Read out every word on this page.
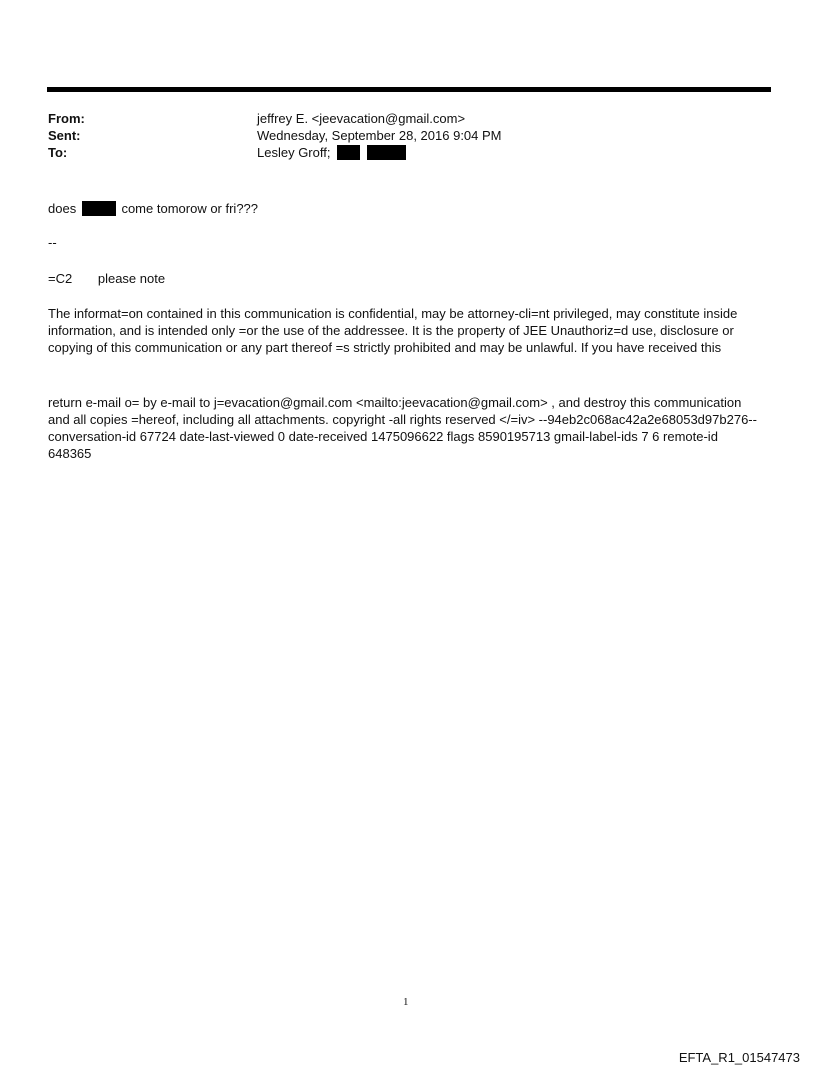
From:	jeffrey E. <jeevacation@gmail.com>
Sent:	Wednesday, September 28, 2016 9:04 PM
To:	Lesley Groff;
does	come tomorow or fri???
--
=C2 please note
The informat=on contained in this communication is confidential, may be attorney-cli=nt privileged, may constitute inside information, and is intended only =or the use of the addressee. It is the property of JEE Unauthoriz=d use, disclosure or copying of this communication or any part thereof =s strictly prohibited and may be unlawful. If you have received this
return e-mail o= by e-mail to j=evacation@gmail.com <mailto:jeevacation@gmail.com> , and destroy this communication and all copies =hereof, including all attachments. copyright -all rights reserved </=iv> --94eb2c068ac42a2e68053d97b276-- conversation-id 67724 date-last-viewed 0 date-received 1475096622 flags 8590195713 gmail-label-ids 7 6 remote-id 648365
1
EFTA_R1_01547473
